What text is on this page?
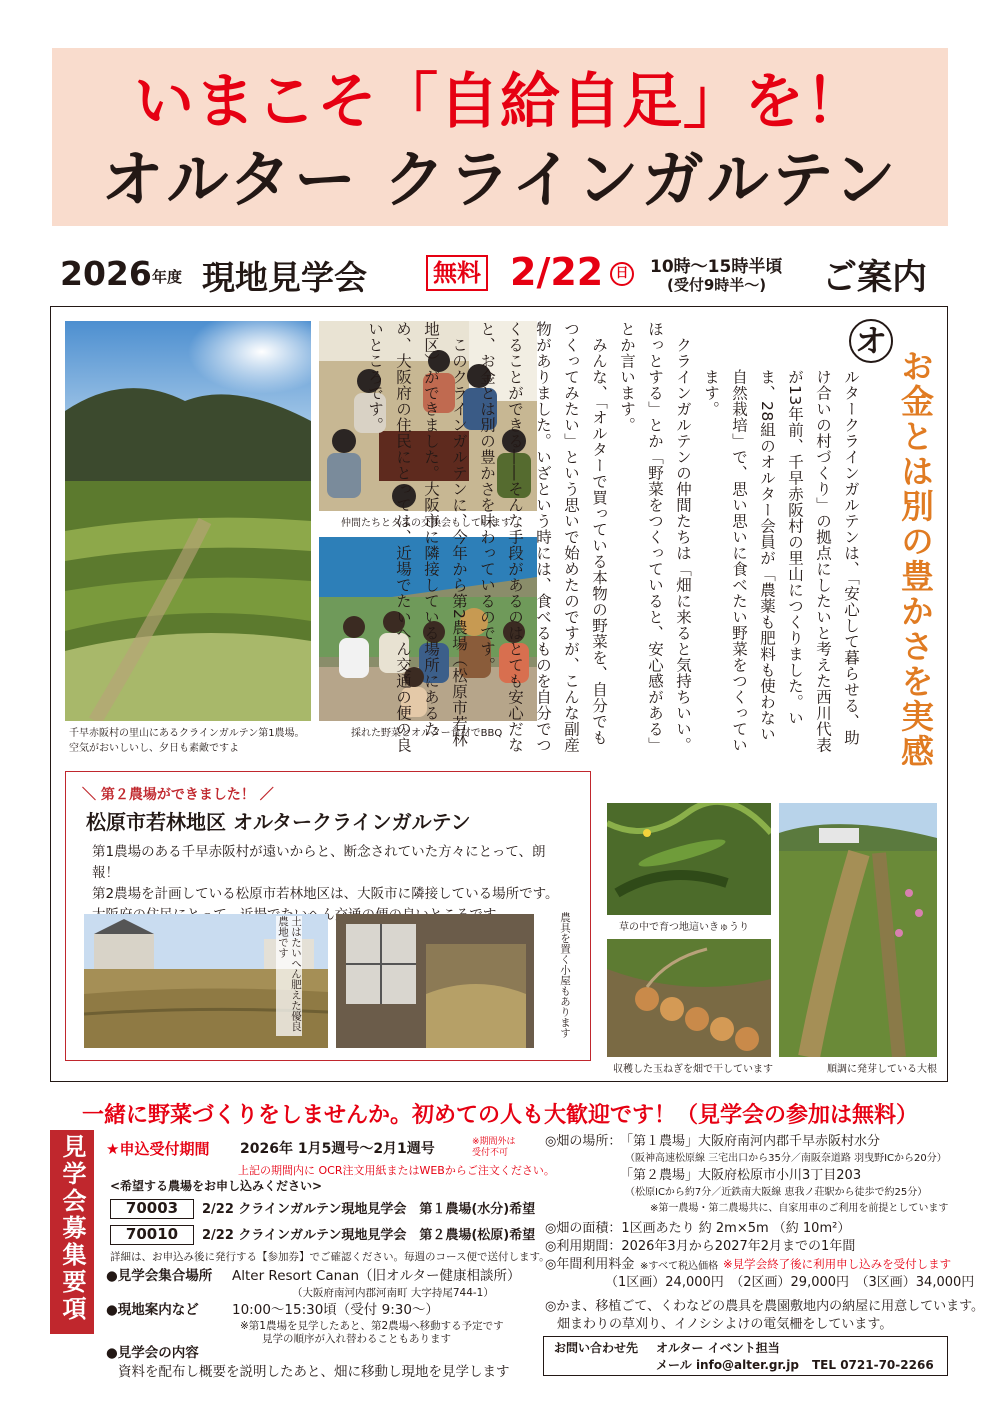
いまこそ「自給自足」を！
オルター クラインガルテン
2026 年度 現地見学会	無料 2/22 日	10時～15時半頃
(受付9時半～) ご案内
千早赤阪村の里山にあるクラインガルテン第1農場。
空気がおいしいし、夕日も素敵ですよ
仲間たちとタネの交換会もしています
採れた野菜とオルター食材でBBQ
オ

ルタークラインガルテンは、「安心して暮らせる、助け合いの村づくり」の拠点にしたいと考えた西川代表が13年前、千早赤阪村の里山につくりました。いま、28組のオルター会員が「農薬も肥料も使わない自然栽培」で、思い思いに食べたい野菜をつくっています。

クラインガルテンの仲間たちは「畑に来ると気持ちいい。ほっとする」とか「野菜をつくっていると、安心感がある」とか言います。

みんな、「オルターで買っている本物の野菜を、自分でもつくってみたい」という思いで始めたのですが、こんな副産物がありました。いざという時には、食べるものを自分でつくることができる――そんな手段があるのはとても安心だなと、お金とは別の豊かさを味わっているのです。

このクラインガルテンに、今年から第2農場（松原市若林地区）ができました。大阪市に隣接している場所にあるため、大阪府の住民にとっては、近場でたいへん交通の便の良いところです。	お金とは別の豊かさを実感
＼ 第２農場ができました！ ／
松原市若林地区 オルタークラインガルテン
第1農場のある千早赤阪村が遠いからと、断念されていた方々にとって、朗報！
第2農場を計画している松原市若林地区は、大阪市に隣接している場所です。

土はたいへん肥えた優良農地です	農具を置く小屋もあります	草の中で育つ地這いきゅうり
順調に発芽している大根
収穫した玉ねぎを畑で干しています
一緒に野菜づくりをしませんか。初めての人も大歓迎です！（見学会の参加は無料）
見学会募集要項	★申込受付期間 2026年 1月5週号～2月1週号	※期間外は受付不可
上記の期間内に OCR注文用紙またはWEBからご注文ください。
<希望する農場をお申し込みください>
70003	2/22 クラインガルテン現地見学会　第１農場(水分)希望
70010	2/22 クラインガルテン現地見学会　第２農場(松原)希望
詳細は、お申込み後に発行する【参加券】でご確認ください。毎週のコース便で送付します。
●見学会集合場所 Alter Resort Canan（旧オルター健康相談所）
（大阪府南河内郡河南町 大字持尾744-1）
●現地案内など 10:00～15:30頃（受付 9:30～）
※第1農場を見学したあと、第2農場へ移動する予定です
見学の順序が入れ替わることもあります
●見学会の内容
資料を配布し概要を説明したあと、畑に移動し現地を見学します
◎畑の場所：
「第１農場」大阪府南河内郡千早赤阪村水分
（阪神高速松原線 三宅出口から35分／南阪奈道路 羽曳野ICから20分）
「第２農場」大阪府松原市小川3丁目203
（松原ICから約7分／近鉄南大阪線 恵我ノ荘駅から徒歩で約25分）
※第一農場・第二農場共に、自家用車のご利用を前提としています
◎畑の面積：1区画あたり 約 2m×5m （約 10m²）
◎利用期間：2026年3月から2027年2月までの1年間
◎年間利用料金 ※すべて税込価格 ※見学会終了後に利用申し込みを受付します
（1区画）24,000円　（2区画）29,000円　（3区画）34,000円
◎かま、移植ごて、くわなどの農具を農園敷地内の納屋に用意しています。
畑まわりの草刈り、イノシシよけの電気柵をしています。
お問い合わせ先 オルター イベント担当
メール info@alter.gr.jp TEL 0721-70-2266
